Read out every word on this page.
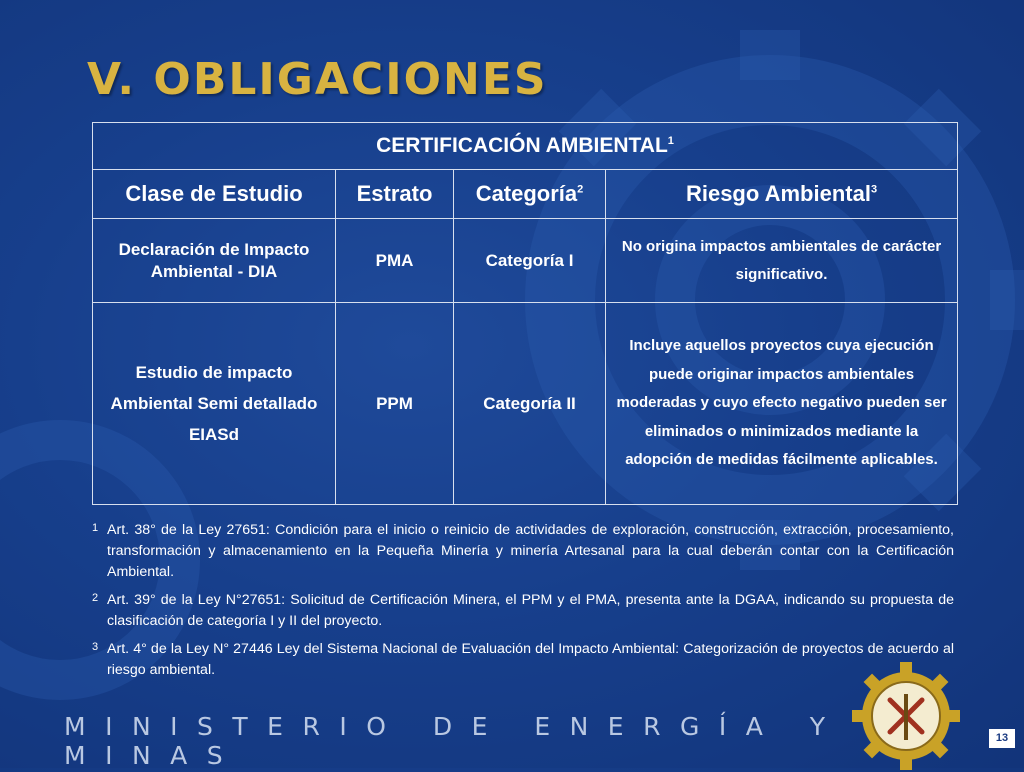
V. OBLIGACIONES
CERTIFICACIÓN AMBIENTAL$^1$
Clase de Estudio	Estrato	Categoría$^2$	Riesgo Ambiental$^3$
Declaración de Impacto Ambiental - DIA	PMA	Categoría I	No origina impactos ambientales de carácter significativo.
Estudio de impacto Ambiental Semi detallado EIASd	PPM	Categoría II	Incluye aquellos proyectos cuya ejecución puede originar impactos ambientales moderadas y cuyo efecto negativo pueden ser eliminados o minimizados mediante la adopción de medidas fácilmente aplicables.
1 Art. 38° de la Ley 27651: Condición para el inicio o reinicio de actividades de exploración, construcción, extracción, procesamiento, transformación y almacenamiento en la Pequeña Minería y minería Artesanal para la cual deberán contar con la Certificación Ambiental.
2 Art. 39° de la Ley N°27651: Solicitud de Certificación Minera, el PPM y el PMA, presenta ante la DGAA, indicando su propuesta de clasificación de categoría I y II del proyecto.
3 Art. 4° de la Ley N° 27446 Ley del Sistema Nacional de Evaluación del Impacto Ambiental: Categorización de proyectos de acuerdo al riesgo ambiental.
MINISTERIO DE ENERGÍA Y MINAS
13
